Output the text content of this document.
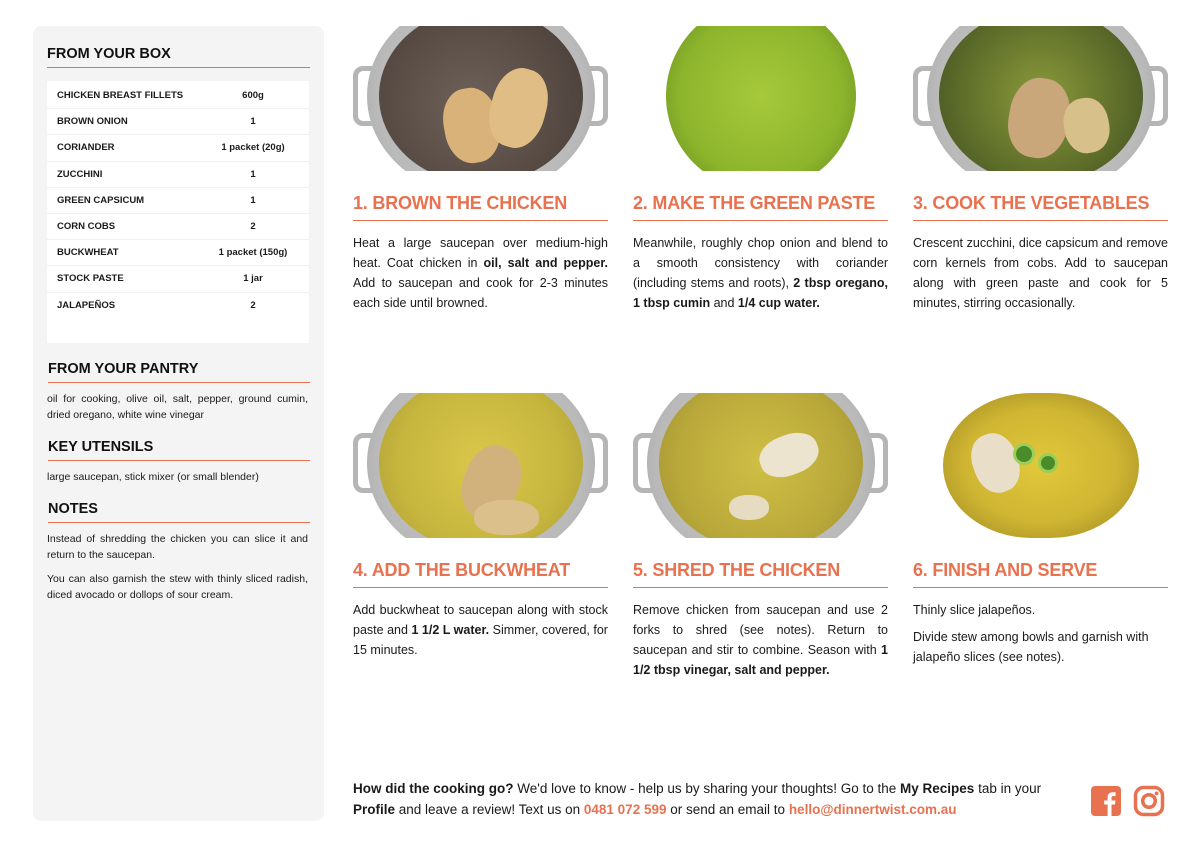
FROM YOUR BOX
CHICKEN BREAST FILLETS	600g
BROWN ONION	1
CORIANDER	1 packet (20g)
ZUCCHINI	1
GREEN CAPSICUM	1
CORN COBS	2
BUCKWHEAT	1 packet (150g)
STOCK PASTE	1 jar
JALAPEÑOS	2
FROM YOUR PANTRY
oil for cooking, olive oil, salt, pepper, ground cumin, dried oregano, white wine vinegar
KEY UTENSILS
large saucepan, stick mixer (or small blender)
NOTES

Instead of shredding the chicken you can slice it and return to the saucepan.

You can also garnish the stew with thinly sliced radish, diced avocado or dollops of sour cream.

1. BROWN THE CHICKEN
Heat a large saucepan over medium-high heat. Coat chicken in oil, salt and pepper. Add to saucepan and cook for 2-3 minutes each side until browned.
2. MAKE THE GREEN PASTE
Meanwhile, roughly chop onion and blend to a smooth consistency with coriander (including stems and roots), 2 tbsp oregano, 1 tbsp cumin and 1/4 cup water.
3. COOK THE VEGETABLES
Crescent zucchini, dice capsicum and remove corn kernels from cobs. Add to saucepan along with green paste and cook for 5 minutes, stirring occasionally.
4. ADD THE BUCKWHEAT
Add buckwheat to saucepan along with stock paste and 1 1/2 L water. Simmer, covered, for 15 minutes.
5. SHRED THE CHICKEN
Remove chicken from saucepan and use 2 forks to shred (see notes). Return to saucepan and stir to combine. Season with 1 1/2 tbsp vinegar, salt and pepper.
6. FINISH AND SERVE

Thinly slice jalapeños.

Divide stew among bowls and garnish with jalapeño slices (see notes).

How did the cooking go? We'd love to know - help us by sharing your thoughts! Go to the My Recipes tab in your Profile and leave a review! Text us on 0481 072 599 or send an email to hello@dinnertwist.com.au
